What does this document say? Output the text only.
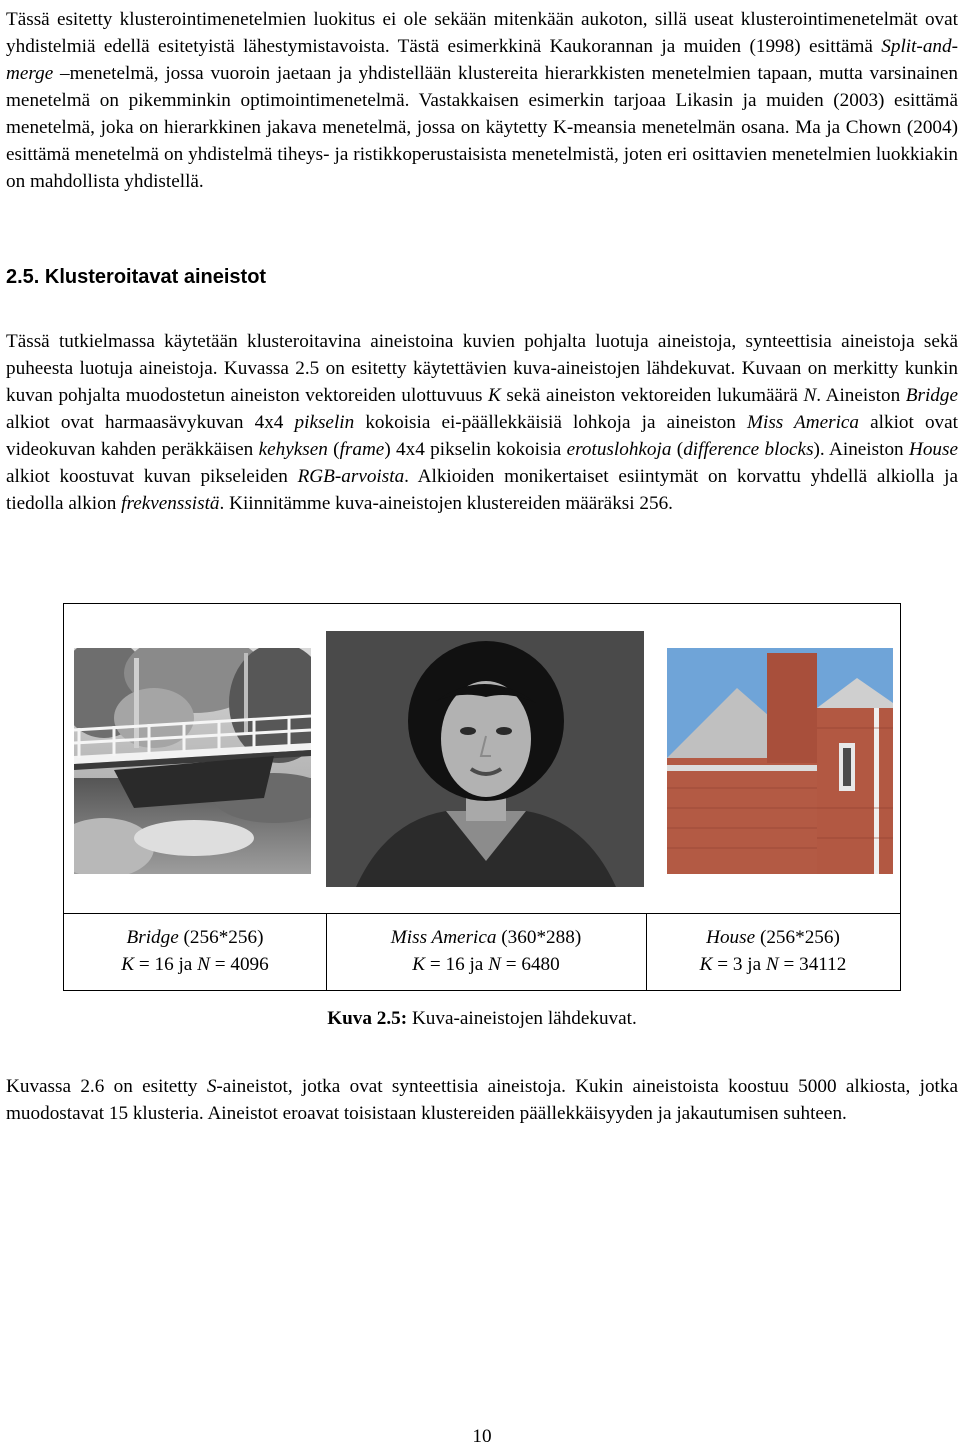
Tässä esitetty klusterointimenetelmien luokitus ei ole sekään mitenkään aukoton, sillä useat klusterointimenetelmät ovat yhdistelmiä edellä esitetyistä lähestymistavoista. Tästä esimerkkinä Kaukorannan ja muiden (1998) esittämä Split-and-merge –menetelmä, jossa vuoroin jaetaan ja yhdistellään klustereita hierarkkisten menetelmien tapaan, mutta varsinainen menetelmä on pikemminkin optimointimenetelmä. Vastakkaisen esimerkin tarjoaa Likasin ja muiden (2003) esittämä menetelmä, joka on hierarkkinen jakava menetelmä, jossa on käytetty K-meansia menetelmän osana. Ma ja Chown (2004) esittämä menetelmä on yhdistelmä tiheys- ja ristikkoperustaisista menetelmistä, joten eri osittavien menetelmien luokkiakin on mahdollista yhdistellä.

2.5. Klusteroitavat aineistot

Tässä tutkielmassa käytetään klusteroitavina aineistoina kuvien pohjalta luotuja aineistoja, synteettisia aineistoja sekä puheesta luotuja aineistoja. Kuvassa 2.5 on esitetty käytettävien kuva-aineistojen lähdekuvat. Kuvaan on merkitty kunkin kuvan pohjalta muodostetun aineiston vektoreiden ulottuvuus K sekä aineiston vektoreiden lukumäärä N. Aineiston Bridge alkiot ovat harmaasävykuvan 4x4 pikselin kokoisia ei-päällekkäisiä lohkoja ja aineiston Miss America alkiot ovat videokuvan kahden peräkkäisen kehyksen (frame) 4x4 pikselin kokoisia erotuslohkoja (difference blocks). Aineiston House alkiot koostuvat kuvan pikseleiden RGB-arvoista. Alkioiden monikertaiset esiintymät on korvattu yhdellä alkiolla ja tiedolla alkion frekvenssistä. Kiinnitämme kuva-aineistojen klustereiden määräksi 256.

Bridge (256*256)
K = 16 ja N = 4096
Miss America (360*288)
K = 16 ja N = 6480
House (256*256)
K = 3 ja N = 34112
Kuva 2.5: Kuva-aineistojen lähdekuvat.

Kuvassa 2.6 on esitetty S-aineistot, jotka ovat synteettisia aineistoja. Kukin aineistoista koostuu 5000 alkiosta, jotka muodostavat 15 klusteria. Aineistot eroavat toisistaan klustereiden päällekkäisyyden ja jakautumisen suhteen.

10
